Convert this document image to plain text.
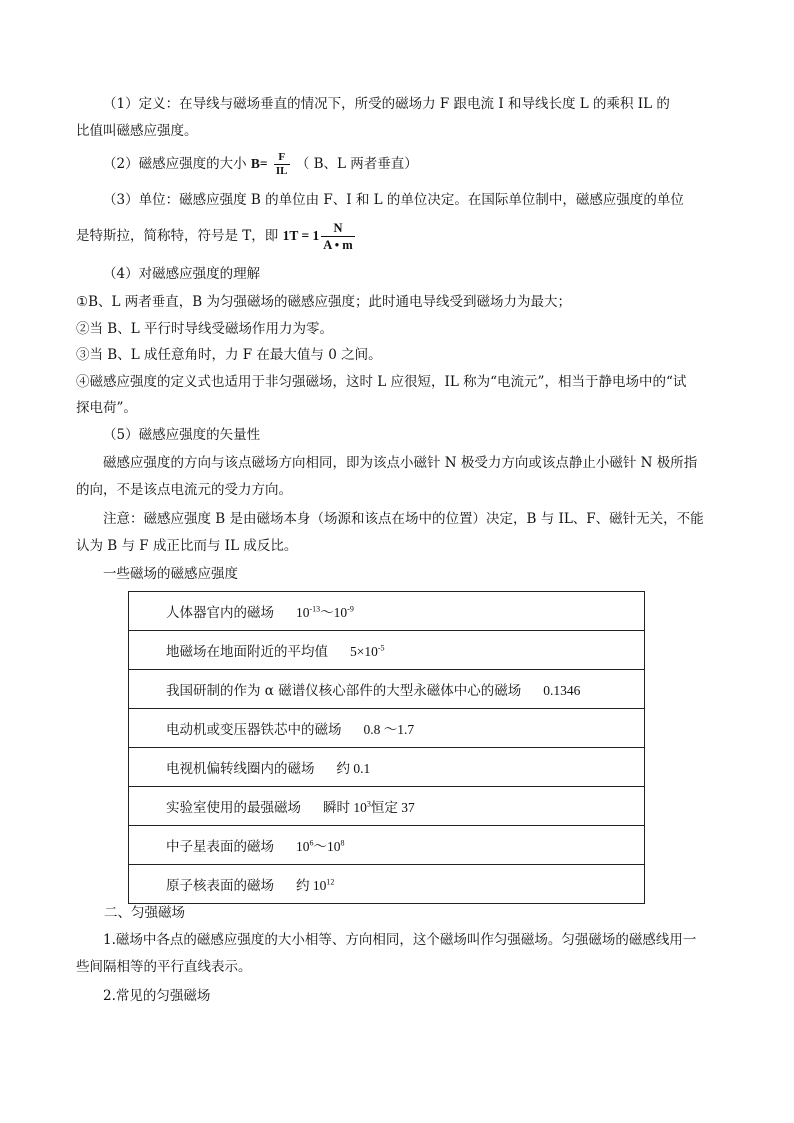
（1）定义：在导线与磁场垂直的情况下，所受的磁场力 F 跟电流 I 和导线长度 L 的乘积 IL 的

比值叫磁感应强度。

（2）磁感应强度的大小 $B= \frac{F}{IL}$ （ B、L 两者垂直）

（3）单位：磁感应强度 B 的单位由 F、I 和 L 的单位决定。在国际单位制中，磁感应强度的单位

是特斯拉，简称特，符号是 T，即 $1T = 1 \frac{N}{A • m}$

（4）对磁感应强度的理解

①B、L 两者垂直，B 为匀强磁场的磁感应强度；此时通电导线受到磁场力为最大；

②当 B、L 平行时导线受磁场作用力为零。

③当 B、L 成任意角时，力 F 在最大值与 0 之间。

④磁感应强度的定义式也适用于非匀强磁场，这时 L 应很短，IL 称为“电流元”，相当于静电场中的“试

探电荷”。

（5）磁感应强度的矢量性

磁感应强度的方向与该点磁场方向相同，即为该点小磁针 N 极受力方向或该点静止小磁针 N 极所指

的向，不是该点电流元的受力方向。

注意：磁感应强度 B 是由磁场本身（场源和该点在场中的位置）决定，B 与 IL、F、磁针无关，不能

认为 B 与 F 成正比而与 IL 成反比。

一些磁场的磁感应强度

人体器官内的磁场 $10^{-13}\sim 10^{-9}$
地磁场在地面附近的平均值 $5\times 10^{-5}$
我国研制的作为 α 磁谱仪核心部件的大型永磁体中心的磁场 0.1346
电动机或变压器铁芯中的磁场 0.8 ～1.7
电视机偏转线圈内的磁场 约 0.1
实验室使用的最强磁场 瞬时 $10^3$恒定 37
中子星表面的磁场 $10^6\sim 10^8$
原子核表面的磁场 约 $10^{12}$

二、匀强磁场

1.磁场中各点的磁感应强度的大小相等、方向相同，这个磁场叫作匀强磁场。匀强磁场的磁感线用一

些间隔相等的平行直线表示。

2.常见的匀强磁场
